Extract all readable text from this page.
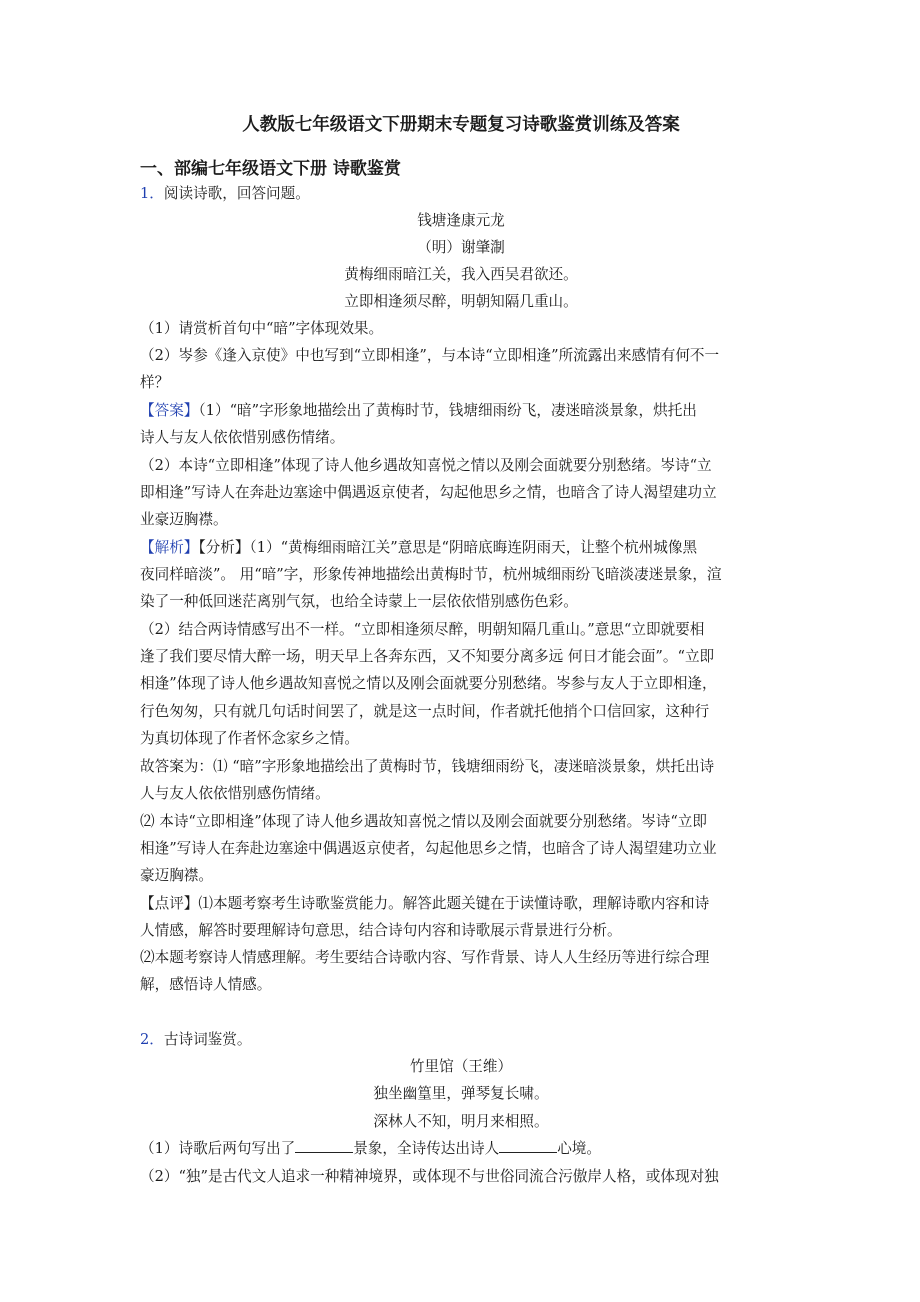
人教版七年级语文下册期末专题复习诗歌鉴赏训练及答案
一、部编七年级语文下册 诗歌鉴赏
1．阅读诗歌，回答问题。
钱塘逢康元龙
（明）谢肇淛
黄梅细雨暗江关，我入西吴君欲还。
立即相逢须尽醉，明朝知隔几重山。
（1）请赏析首句中“暗”字体现效果。
（2）岑参《逢入京使》中也写到“立即相逢”，与本诗“立即相逢”所流露出来感情有何不一
样？
【答案】（1）“暗”字形象地描绘出了黄梅时节，钱塘细雨纷飞，凄迷暗淡景象，烘托出
诗人与友人依依惜别感伤情绪。
（2）本诗“立即相逢”体现了诗人他乡遇故知喜悦之情以及刚会面就要分别愁绪。岑诗“立
即相逢”写诗人在奔赴边塞途中偶遇返京使者，勾起他思乡之情，也暗含了诗人渴望建功立
业豪迈胸襟。
【解析】【分析】（1）“黄梅细雨暗江关”意思是“阴暗底晦连阴雨天，让整个杭州城像黑
夜同样暗淡”。 用“暗”字，形象传神地描绘出黄梅时节，杭州城细雨纷飞暗淡凄迷景象，渲
染了一种低回迷茫离别气氛，也给全诗蒙上一层依依惜别感伤色彩。
（2）结合两诗情感写出不一样。“立即相逢须尽醉，明朝知隔几重山。”意思“立即就要相
逢了我们要尽情大醉一场，明天早上各奔东西，又不知要分离多远 何日才能会面”。“立即
相逢”体现了诗人他乡遇故知喜悦之情以及刚会面就要分别愁绪。岑参与友人于立即相逢，
行色匆匆，只有就几句话时间罢了，就是这一点时间，作者就托他捎个口信回家，这种行
为真切体现了作者怀念家乡之情。
故答案为：⑴ “暗”字形象地描绘出了黄梅时节，钱塘细雨纷飞，凄迷暗淡景象，烘托出诗
人与友人依依惜别感伤情绪。
⑵ 本诗“立即相逢”体现了诗人他乡遇故知喜悦之情以及刚会面就要分别愁绪。岑诗“立即
相逢”写诗人在奔赴边塞途中偶遇返京使者，勾起他思乡之情，也暗含了诗人渴望建功立业
豪迈胸襟。
【点评】⑴本题考察考生诗歌鉴赏能力。解答此题关键在于读懂诗歌，理解诗歌内容和诗
人情感，解答时要理解诗句意思，结合诗句内容和诗歌展示背景进行分析。
⑵本题考察诗人情感理解。考生要结合诗歌内容、写作背景、诗人人生经历等进行综合理
解，感悟诗人情感。
2．古诗词鉴赏。
竹里馆（王维）
独坐幽篁里，弹琴复长啸。
深林人不知，明月来相照。
（1）诗歌后两句写出了	景象，全诗传达出诗人	心境。
（2）“独”是古代文人追求一种精神境界，或体现不与世俗同流合污傲岸人格，或体现对独
